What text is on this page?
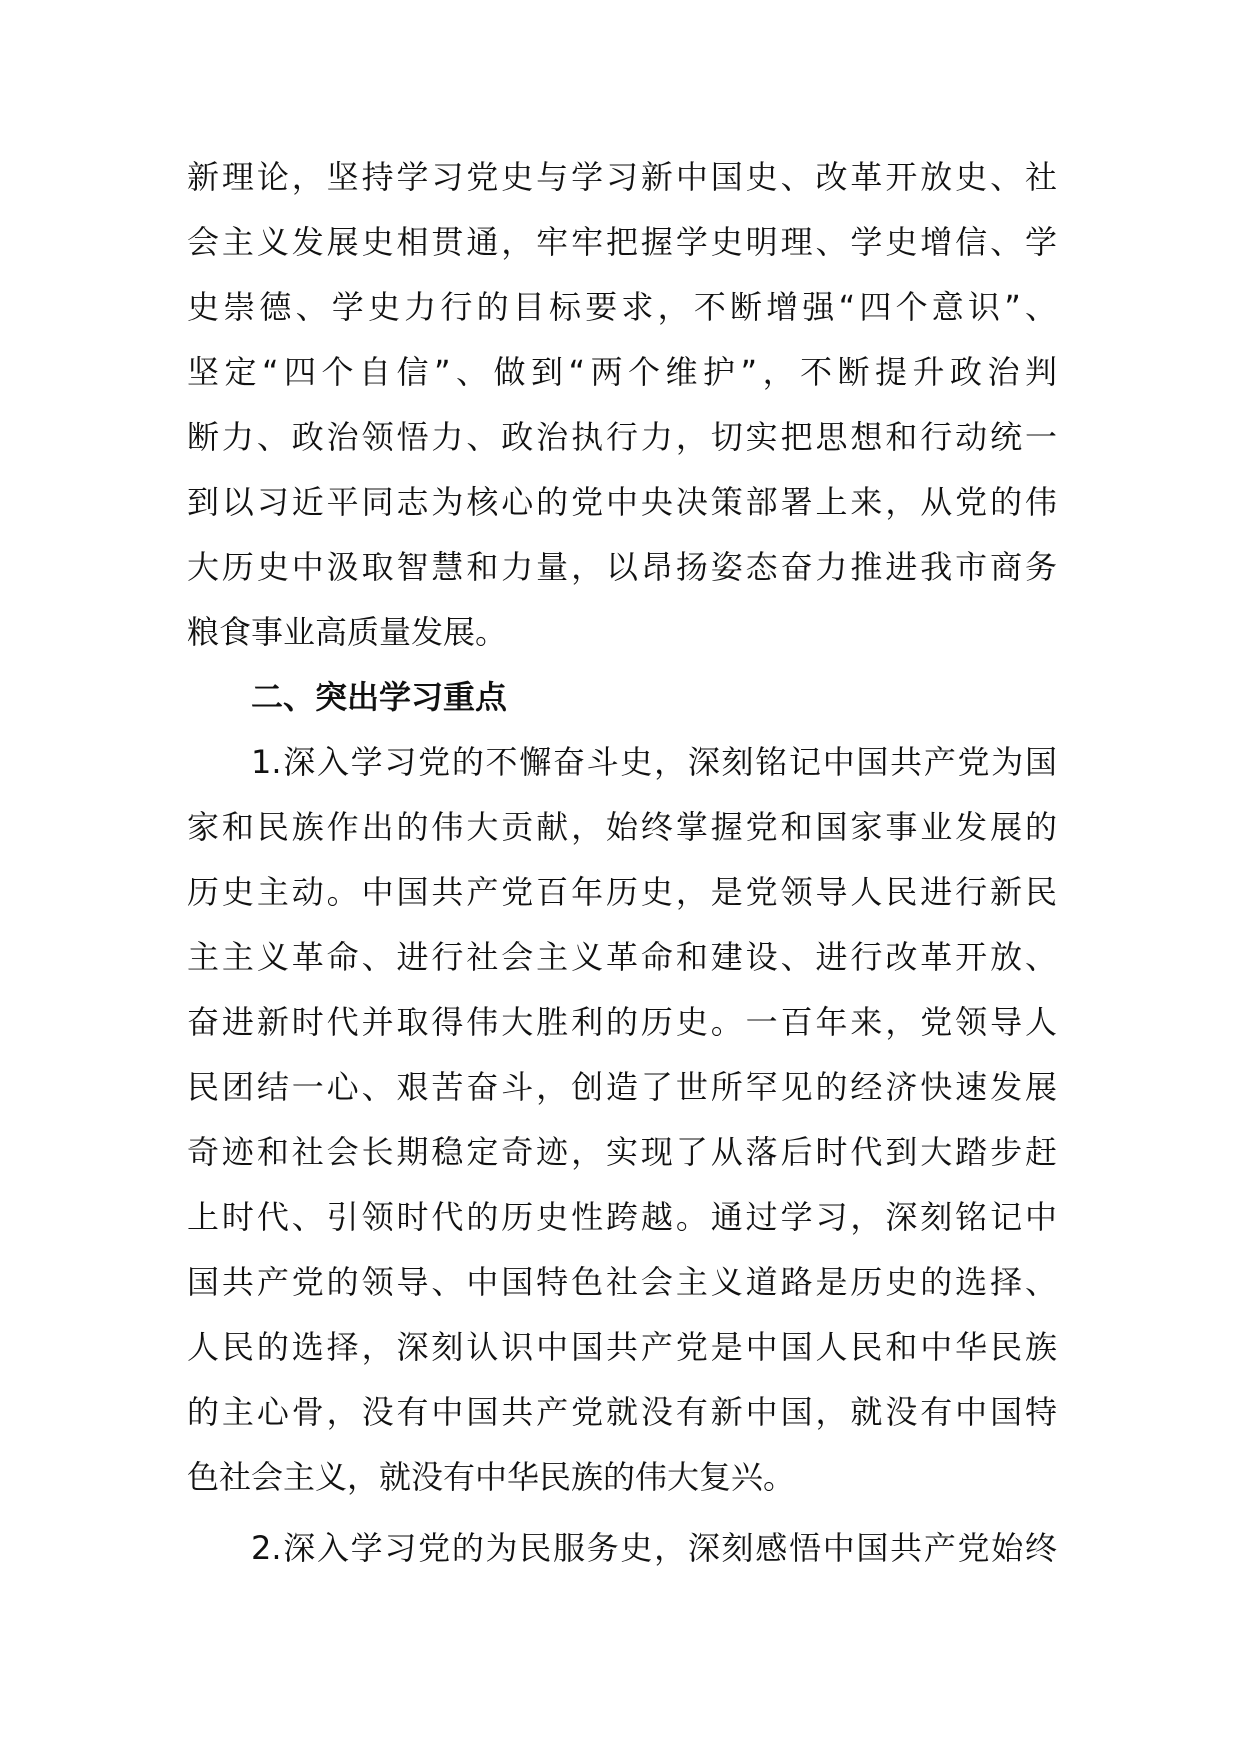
新理论，坚持学习党史与学习新中国史、改革开放史、社
会主义发展史相贯通，牢牢把握学史明理、学史增信、学
史崇德、学史力行的目标要求，不断增强“四个意识”、
坚定“四个自信”、做到“两个维护”，不断提升政治判
断力、政治领悟力、政治执行力，切实把思想和行动统一
到以习近平同志为核心的党中央决策部署上来，从党的伟
大历史中汲取智慧和力量，以昂扬姿态奋力推进我市商务
粮食事业高质量发展。
二、突出学习重点
1.深入学习党的不懈奋斗史，深刻铭记中国共产党为国
家和民族作出的伟大贡献，始终掌握党和国家事业发展的
历史主动。中国共产党百年历史，是党领导人民进行新民
主主义革命、进行社会主义革命和建设、进行改革开放、
奋进新时代并取得伟大胜利的历史。一百年来，党领导人
民团结一心、艰苦奋斗，创造了世所罕见的经济快速发展
奇迹和社会长期稳定奇迹，实现了从落后时代到大踏步赶
上时代、引领时代的历史性跨越。通过学习，深刻铭记中
国共产党的领导、中国特色社会主义道路是历史的选择、
人民的选择，深刻认识中国共产党是中国人民和中华民族
的主心骨，没有中国共产党就没有新中国，就没有中国特
色社会主义，就没有中华民族的伟大复兴。
2.深入学习党的为民服务史，深刻感悟中国共产党始终
